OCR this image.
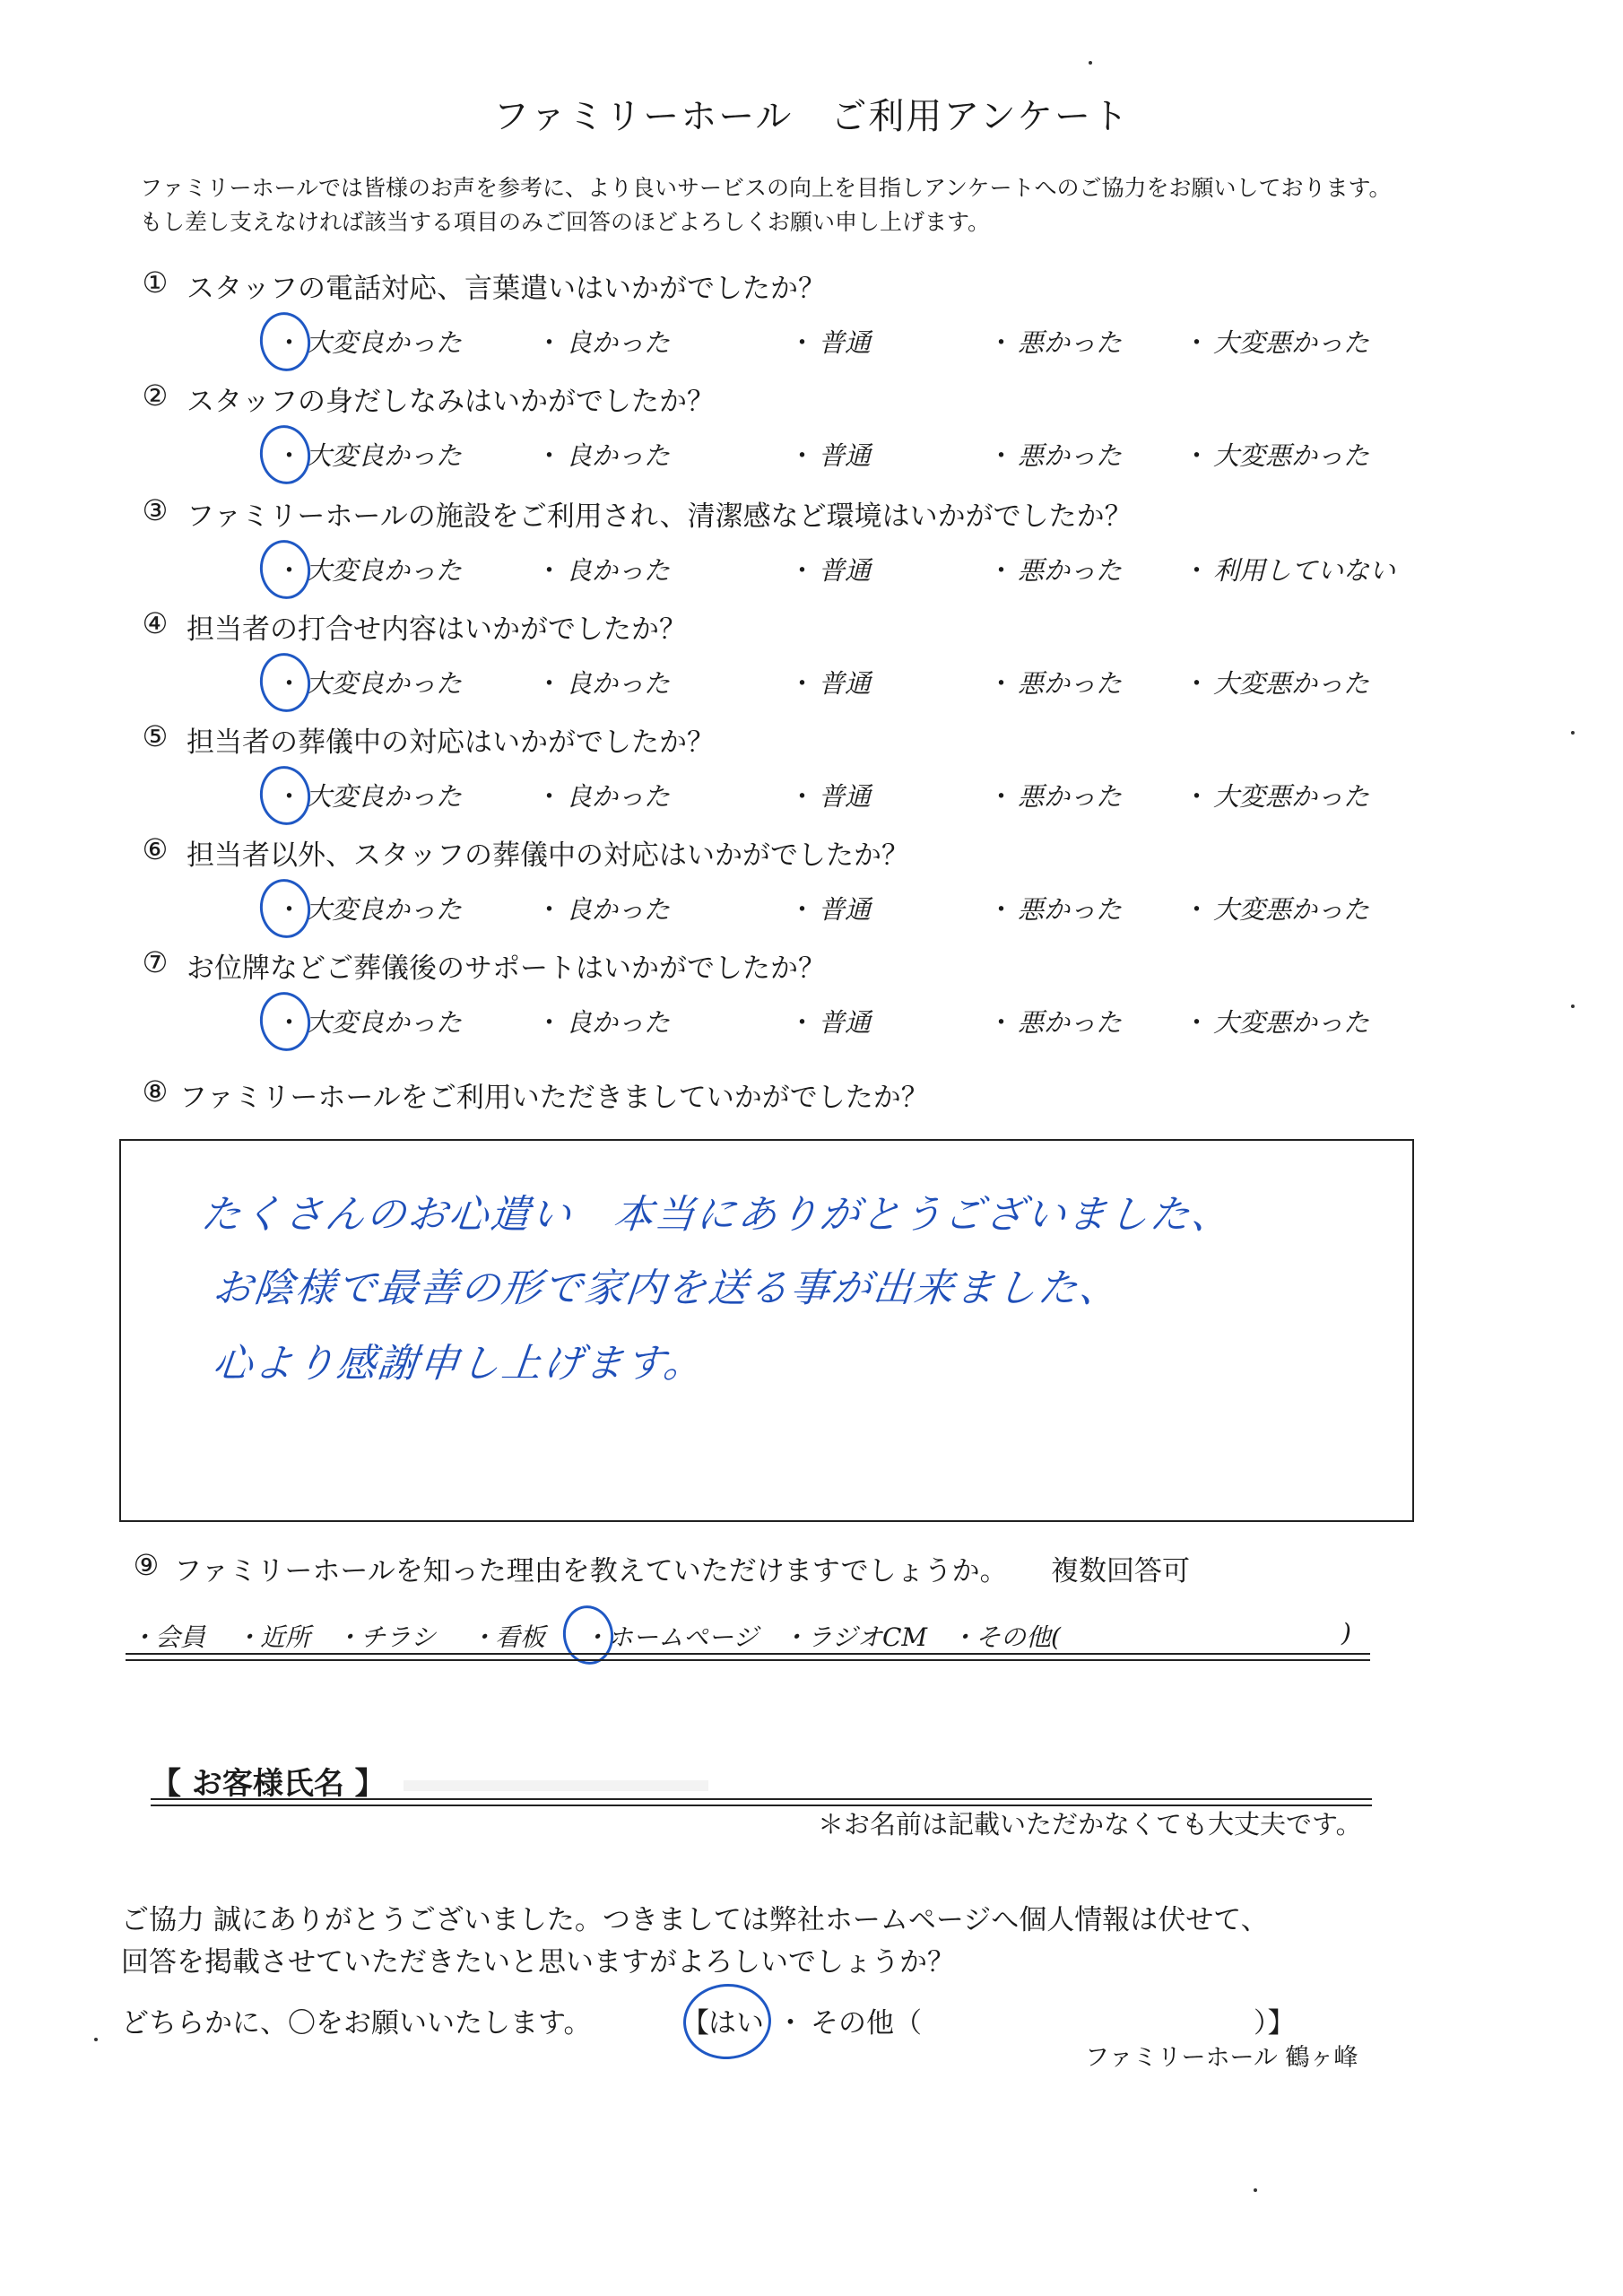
ファミリーホール　ご利用アンケート
ファミリーホールでは皆様のお声を参考に、より良いサービスの向上を目指しアンケートへのご協力をお願いしております。
もし差し支えなければ該当する項目のみご回答のほどよろしくお願い申し上げます。
① スタッフの電話対応、言葉遣いはいかがでしたか？
・ 大変良かった	・ 良かった	・ 普通	・ 悪かった ・ 大変悪かった
② スタッフの身だしなみはいかがでしたか？
・ 大変良かった	・ 良かった	・ 普通	・ 悪かった ・ 大変悪かった
③ ファミリーホールの施設をご利用され、清潔感など環境はいかがでしたか？
・ 大変良かった	・ 良かった	・ 普通	・ 悪かった ・ 利用していない
④ 担当者の打合せ内容はいかがでしたか？
・ 大変良かった	・ 良かった	・ 普通	・ 悪かった ・ 大変悪かった
⑤ 担当者の葬儀中の対応はいかがでしたか？
・ 大変良かった	・ 良かった	・ 普通	・ 悪かった ・ 大変悪かった
⑥ 担当者以外、スタッフの葬儀中の対応はいかがでしたか？
・ 大変良かった	・ 良かった	・ 普通	・ 悪かった ・ 大変悪かった
⑦ お位牌などご葬儀後のサポートはいかがでしたか？
・ 大変良かった	・ 良かった	・ 普通	・ 悪かった ・ 大変悪かった
⑧ ファミリーホールをご利用いただきましていかがでしたか？
たくさんのお心遣い　本当にありがとうございました、
お陰様で最善の形で家内を送る事が出来ました、
心より感謝申し上げます。
⑨ ファミリーホールを知った理由を教えていただけますでしょうか。 複数回答可
・会員 ・近所 ・チラシ ・看板 ・ホームページ ・ラジオCM ・その他(	)
【 お客様氏名 】
＊お名前は記載いただかなくても大丈夫です。
ご協力 誠にありがとうございました。つきましては弊社ホームページへ個人情報は伏せて、
回答を掲載させていただきたいと思いますがよろしいでしょうか？
どちらかに、〇をお願いいたします。	【 はい ・ その他（	）】
ファミリーホール 鶴ヶ峰
